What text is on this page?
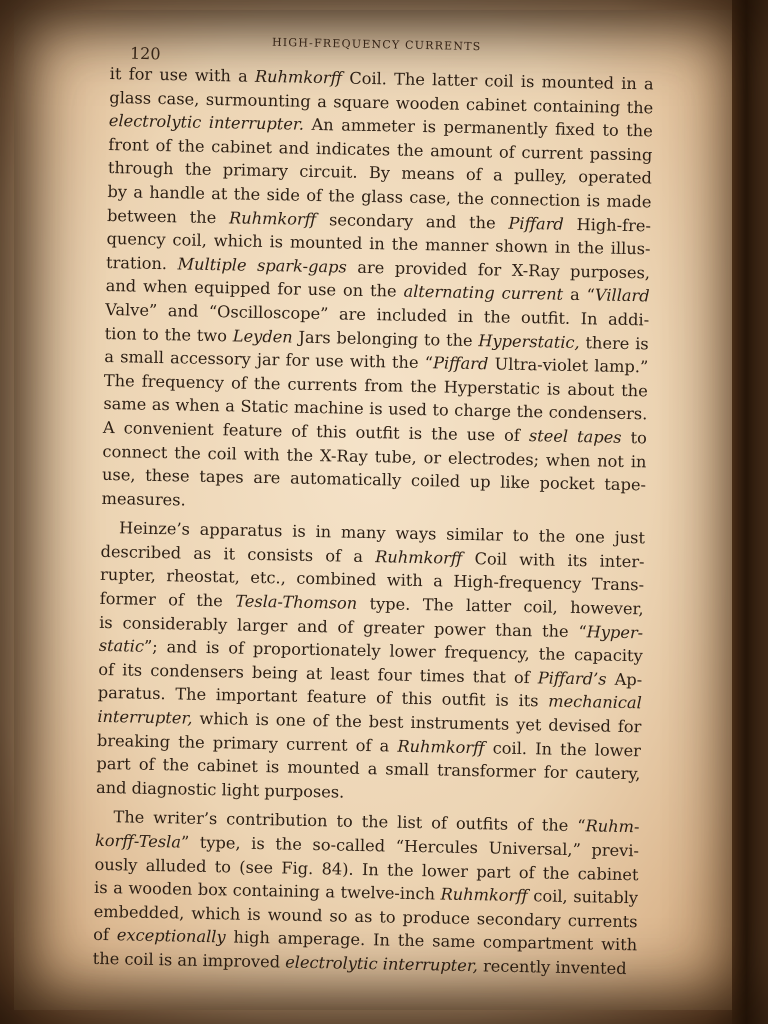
120	HIGH-FREQUENCY CURRENTS
it for use with a Ruhmkorff Coil. The latter coil is mounted in a
glass case, surmounting a square wooden cabinet containing the
electrolytic interrupter. An ammeter is permanently fixed to the
front of the cabinet and indicates the amount of current passing
through the primary circuit. By means of a pulley, operated
by a handle at the side of the glass case, the connection is made
between the Ruhmkorff secondary and the Piffard High-fre-
quency coil, which is mounted in the manner shown in the illus-
tration. Multiple spark-gaps are provided for X-Ray purposes,
and when equipped for use on the alternating current a “Villard
Valve” and “Oscilloscope” are included in the outfit. In addi-
tion to the two Leyden Jars belonging to the Hyperstatic, there is
a small accessory jar for use with the “Piffard Ultra-violet lamp.”
The frequency of the currents from the Hyperstatic is about the
same as when a Static machine is used to charge the condensers.
A convenient feature of this outfit is the use of steel tapes to
connect the coil with the X-Ray tube, or electrodes; when not in
use, these tapes are automatically coiled up like pocket tape-
measures.
Heinze’s apparatus is in many ways similar to the one just
described as it consists of a Ruhmkorff Coil with its inter-
rupter, rheostat, etc., combined with a High-frequency Trans-
former of the Tesla-Thomson type. The latter coil, however,
is considerably larger and of greater power than the “Hyper-
static”; and is of proportionately lower frequency, the capacity
of its condensers being at least four times that of Piffard’s Ap-
paratus. The important feature of this outfit is its mechanical
interrupter, which is one of the best instruments yet devised for
breaking the primary current of a Ruhmkorff coil. In the lower
part of the cabinet is mounted a small transformer for cautery,
and diagnostic light purposes.
The writer’s contribution to the list of outfits of the “Ruhm-
korff-Tesla” type, is the so-called “Hercules Universal,” previ-
ously alluded to (see Fig. 84). In the lower part of the cabinet
is a wooden box containing a twelve-inch Ruhmkorff coil, suitably
embedded, which is wound so as to produce secondary currents
of exceptionally high amperage. In the same compartment with
the coil is an improved electrolytic interrupter, recently invented
